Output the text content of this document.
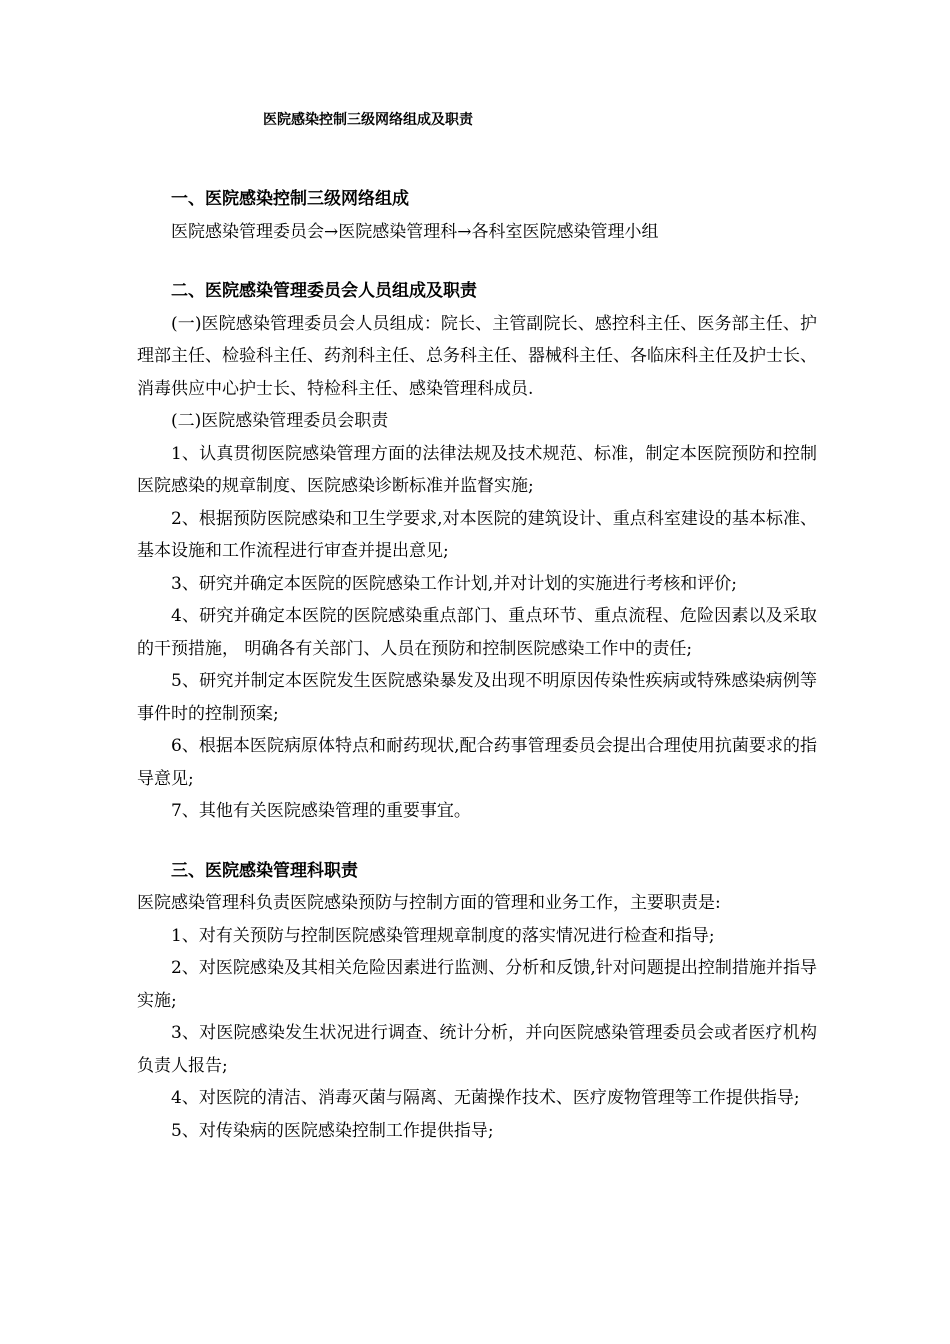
医院感染控制三级网络组成及职责

一、医院感染控制三级网络组成

医院感染管理委员会→医院感染管理科→各科室医院感染管理小组

二、医院感染管理委员会人员组成及职责

(一)医院感染管理委员会人员组成：院长、主管副院长、感控科主任、医务部主任、护理部主任、检验科主任、药剂科主任、总务科主任、器械科主任、各临床科主任及护士长、消毒供应中心护士长、特检科主任、感染管理科成员.

(二)医院感染管理委员会职责

1、认真贯彻医院感染管理方面的法律法规及技术规范、标准，制定本医院预防和控制医院感染的规章制度、医院感染诊断标准并监督实施;

2、根据预防医院感染和卫生学要求,对本医院的建筑设计、重点科室建设的基本标准、基本设施和工作流程进行审查并提出意见;

3、研究并确定本医院的医院感染工作计划,并对计划的实施进行考核和评价;

4、研究并确定本医院的医院感染重点部门、重点环节、重点流程、危险因素以及采取的干预措施， 明确各有关部门、人员在预防和控制医院感染工作中的责任;

5、研究并制定本医院发生医院感染暴发及出现不明原因传染性疾病或特殊感染病例等事件时的控制预案;

6、根据本医院病原体特点和耐药现状,配合药事管理委员会提出合理使用抗菌要求的指导意见;

7、其他有关医院感染管理的重要事宜。

三、医院感染管理科职责

医院感染管理科负责医院感染预防与控制方面的管理和业务工作，主要职责是:

1、对有关预防与控制医院感染管理规章制度的落实情况进行检查和指导;

2、对医院感染及其相关危险因素进行监测、分析和反馈,针对问题提出控制措施并指导实施;

3、对医院感染发生状况进行调查、统计分析，并向医院感染管理委员会或者医疗机构负责人报告;

4、对医院的清洁、消毒灭菌与隔离、无菌操作技术、医疗废物管理等工作提供指导;

5、对传染病的医院感染控制工作提供指导;
